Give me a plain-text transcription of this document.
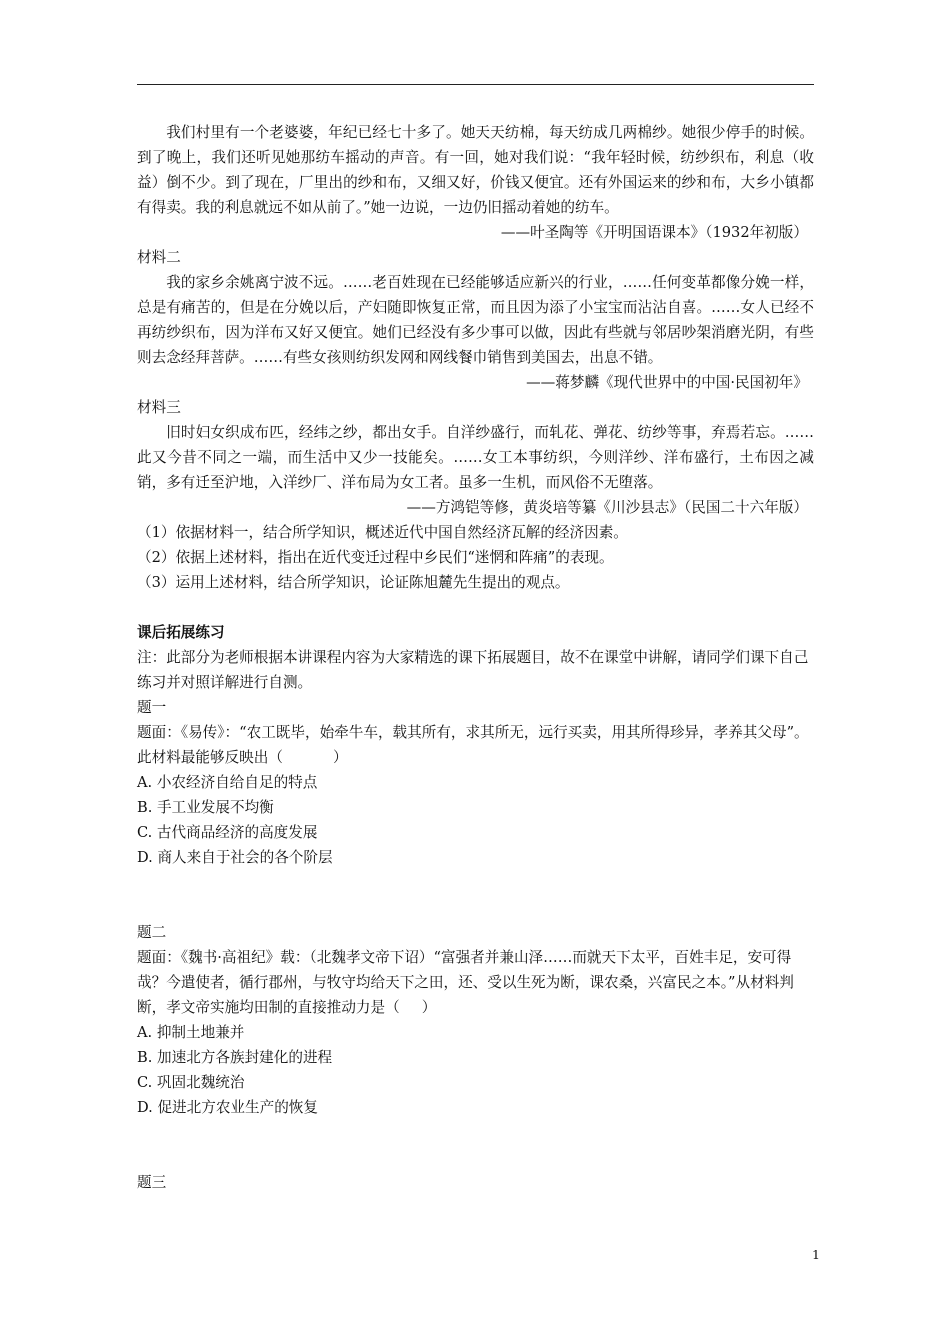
我们村里有一个老婆婆，年纪已经七十多了。她天天纺棉，每天纺成几两棉纱。她很少停手的时候。到了晚上，我们还听见她那纺车摇动的声音。有一回，她对我们说：“我年轻时候，纺纱织布，利息（收益）倒不少。到了现在，厂里出的纱和布，又细又好，价钱又便宜。还有外国运来的纱和布，大乡小镇都有得卖。我的利息就远不如从前了。”她一边说，一边仍旧摇动着她的纺车。

——叶圣陶等《开明国语课本》（1932年初版）

材料二

我的家乡余姚离宁波不远。……老百姓现在已经能够适应新兴的行业，……任何变革都像分娩一样，总是有痛苦的，但是在分娩以后，产妇随即恢复正常，而且因为添了小宝宝而沾沾自喜。……女人已经不再纺纱织布，因为洋布又好又便宜。她们已经没有多少事可以做，因此有些就与邻居吵架消磨光阴，有些则去念经拜菩萨。……有些女孩则纺织发网和网线餐巾销售到美国去，出息不错。

——蒋梦麟《现代世界中的中国·民国初年》

材料三

旧时妇女织成布匹，经纬之纱，都出女手。自洋纱盛行，而轧花、弹花、纺纱等事，弃焉若忘。……此又今昔不同之一端，而生活中又少一技能矣。……女工本事纺织，今则洋纱、洋布盛行，土布因之减销，多有迁至沪地，入洋纱厂、洋布局为女工者。虽多一生机，而风俗不无堕落。

——方鸿铠等修，黄炎培等纂《川沙县志》（民国二十六年版）

（1）依据材料一，结合所学知识，概述近代中国自然经济瓦解的经济因素。

（2）依据上述材料，指出在近代变迁过程中乡民们“迷惘和阵痛”的表现。

（3）运用上述材料，结合所学知识，论证陈旭麓先生提出的观点。

课后拓展练习

注：此部分为老师根据本讲课程内容为大家精选的课下拓展题目，故不在课堂中讲解，请同学们课下自己练习并对照详解进行自测。

题一

题面：《易传》：“农工既毕，始牵牛车，载其所有，求其所无，远行买卖，用其所得珍异，孝养其父母”。此材料最能够反映出（	）

A. 小农经济自给自足的特点

B. 手工业发展不均衡

C. 古代商品经济的高度发展

D. 商人来自于社会的各个阶层

题二

题面：《魏书·高祖纪》载：（北魏孝文帝下诏）“富强者并兼山泽……而就天下太平，百姓丰足，安可得哉？今遣使者，循行郡州，与牧守均给天下之田，还、受以生死为断，课农桑，兴富民之本。”从材料判断，孝文帝实施均田制的直接推动力是（ ）

A. 抑制土地兼并

B. 加速北方各族封建化的进程

C. 巩固北魏统治

D. 促进北方农业生产的恢复

题三

1
